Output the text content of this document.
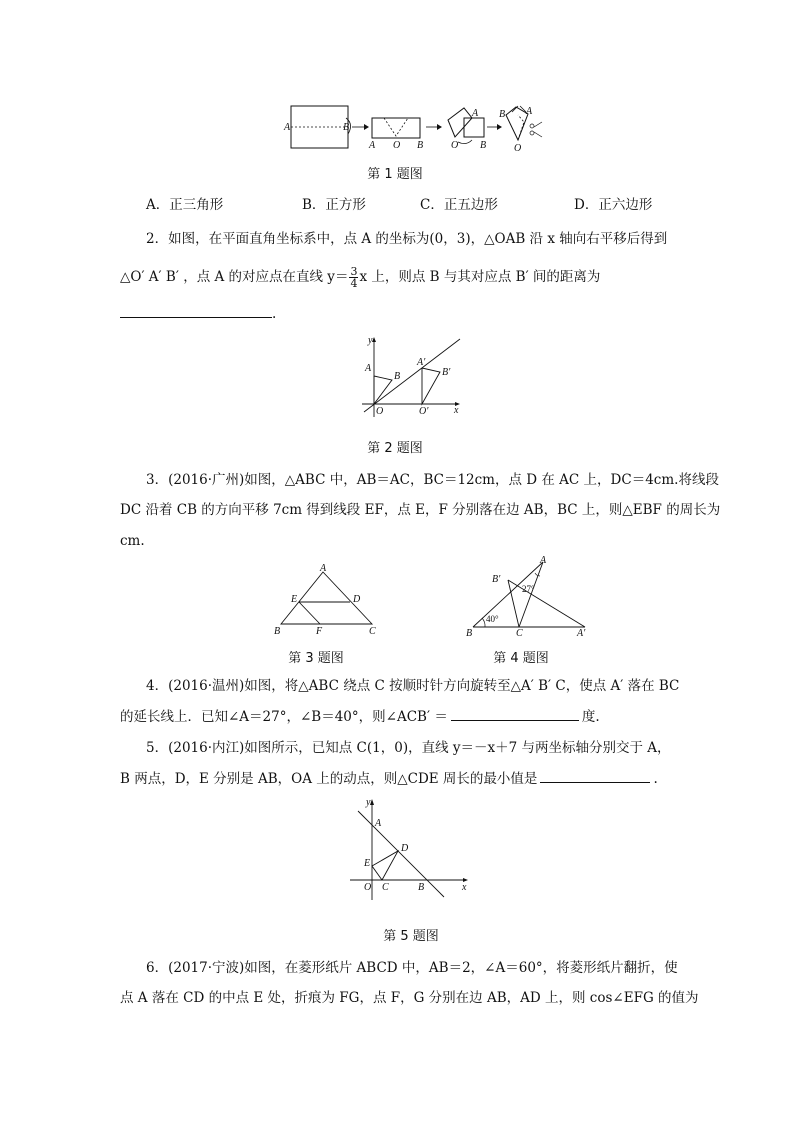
A	B
A O B
A
O B
B A
O
第 1 题图
A．正三角形	B．正方形	C．正五边形	D．正六边形
2．如图，在平面直角坐标系中，点 A 的坐标为(0，3)，△OAB 沿 x 轴向右平移后得到
△O′ A′ B′ ，点 A 的对应点在直线 $y= \frac{3}{4}$ x 上，则点 B 与其对应点 B′ 间的距离为
.
y
x
A
B
O
A′
B′
O′
第 2 题图
3．(2016·广州)如图，△ABC 中，AB＝AC，BC＝12cm，点 D 在 AC 上，DC＝4cm.将线段
DC 沿着 CB 的方向平移 7cm 得到线段 EF，点 E，F 分别落在边 AB，BC 上，则△EBF 的周长为
cm.
A
E	D
B	F	C
第 3 题图
A
B′
27°
40°
B	C	A′
第 4 题图
4．(2016·温州)如图，将△ABC 绕点 C 按顺时针方向旋转至△A′ B′ C，使点 A′ 落在 BC
的延长线上．已知∠A＝27°，∠B＝40°，则∠ACB′ ＝	度.
5．(2016·内江)如图所示，已知点 C(1，0)，直线 y＝－x＋7 与两坐标轴分别交于 A，
B 两点，D，E 分别是 AB，OA 上的动点，则△CDE 周长的最小值是	.
y
x
A
D
E
O C	B
第 5 题图
6．(2017·宁波)如图，在菱形纸片 ABCD 中，AB＝2，∠A＝60°，将菱形纸片翻折，使
点 A 落在 CD 的中点 E 处，折痕为 FG，点 F，G 分别在边 AB，AD 上，则 cos∠EFG 的值为
